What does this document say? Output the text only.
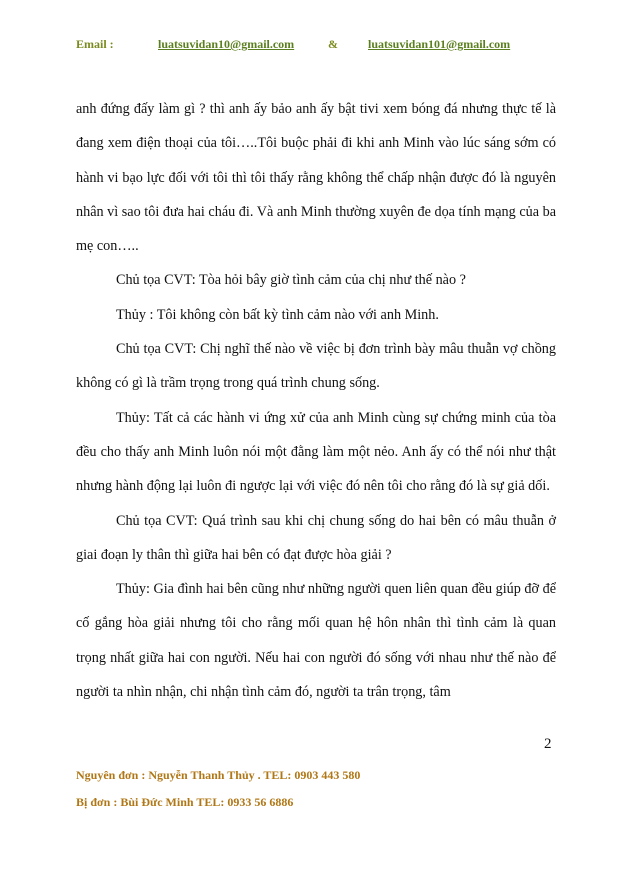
Email :	luatsuvidan10@gmail.com	&	luatsuvidan101@gmail.com

anh đứng đấy làm gì ? thì anh ấy bảo anh ấy bật tivi xem bóng đá nhưng thực tế là đang xem điện thoại của tôi…..Tôi buộc phải đi khi anh Minh vào lúc sáng sớm có hành vi bạo lực đối với tôi thì tôi thấy rằng không thể chấp nhận được đó là nguyên nhân vì sao tôi đưa hai cháu đi. Và anh Minh thường xuyên đe dọa tính mạng của ba mẹ con…..

Chủ tọa CVT: Tòa hỏi bây giờ tình cảm của chị như thế nào ?

Thủy : Tôi không còn bất kỳ tình cảm nào với anh Minh.

Chủ tọa CVT: Chị nghĩ thế nào về việc bị đơn trình bày mâu thuẫn vợ chồng không có gì là trầm trọng trong quá trình chung sống.

Thủy: Tất cả các hành vi ứng xử của anh Minh cùng sự chứng minh của tòa đều cho thấy anh Minh luôn nói một đằng làm một nẻo. Anh ấy có thể nói như thật nhưng hành động lại luôn đi ngược lại với việc đó nên tôi cho rằng đó là sự giả dối.

Chủ tọa CVT: Quá trình sau khi chị chung sống do hai bên có mâu thuẫn ở giai đoạn ly thân thì giữa hai bên có đạt được hòa giải ?

Thủy: Gia đình hai bên cũng như những người quen liên quan đều giúp đỡ để cố gắng hòa giải nhưng tôi cho rằng mối quan hệ hôn nhân thì tình cảm là quan trọng nhất giữa hai con người. Nếu hai con người đó sống với nhau như thế nào để người ta nhìn nhận, chi nhận tình cảm đó, người ta trân trọng, tâm

2
Nguyên đơn : Nguyễn Thanh Thủy . TEL: 0903 443 580
Bị đơn : Bùi Đức Minh TEL: 0933 56 6886
